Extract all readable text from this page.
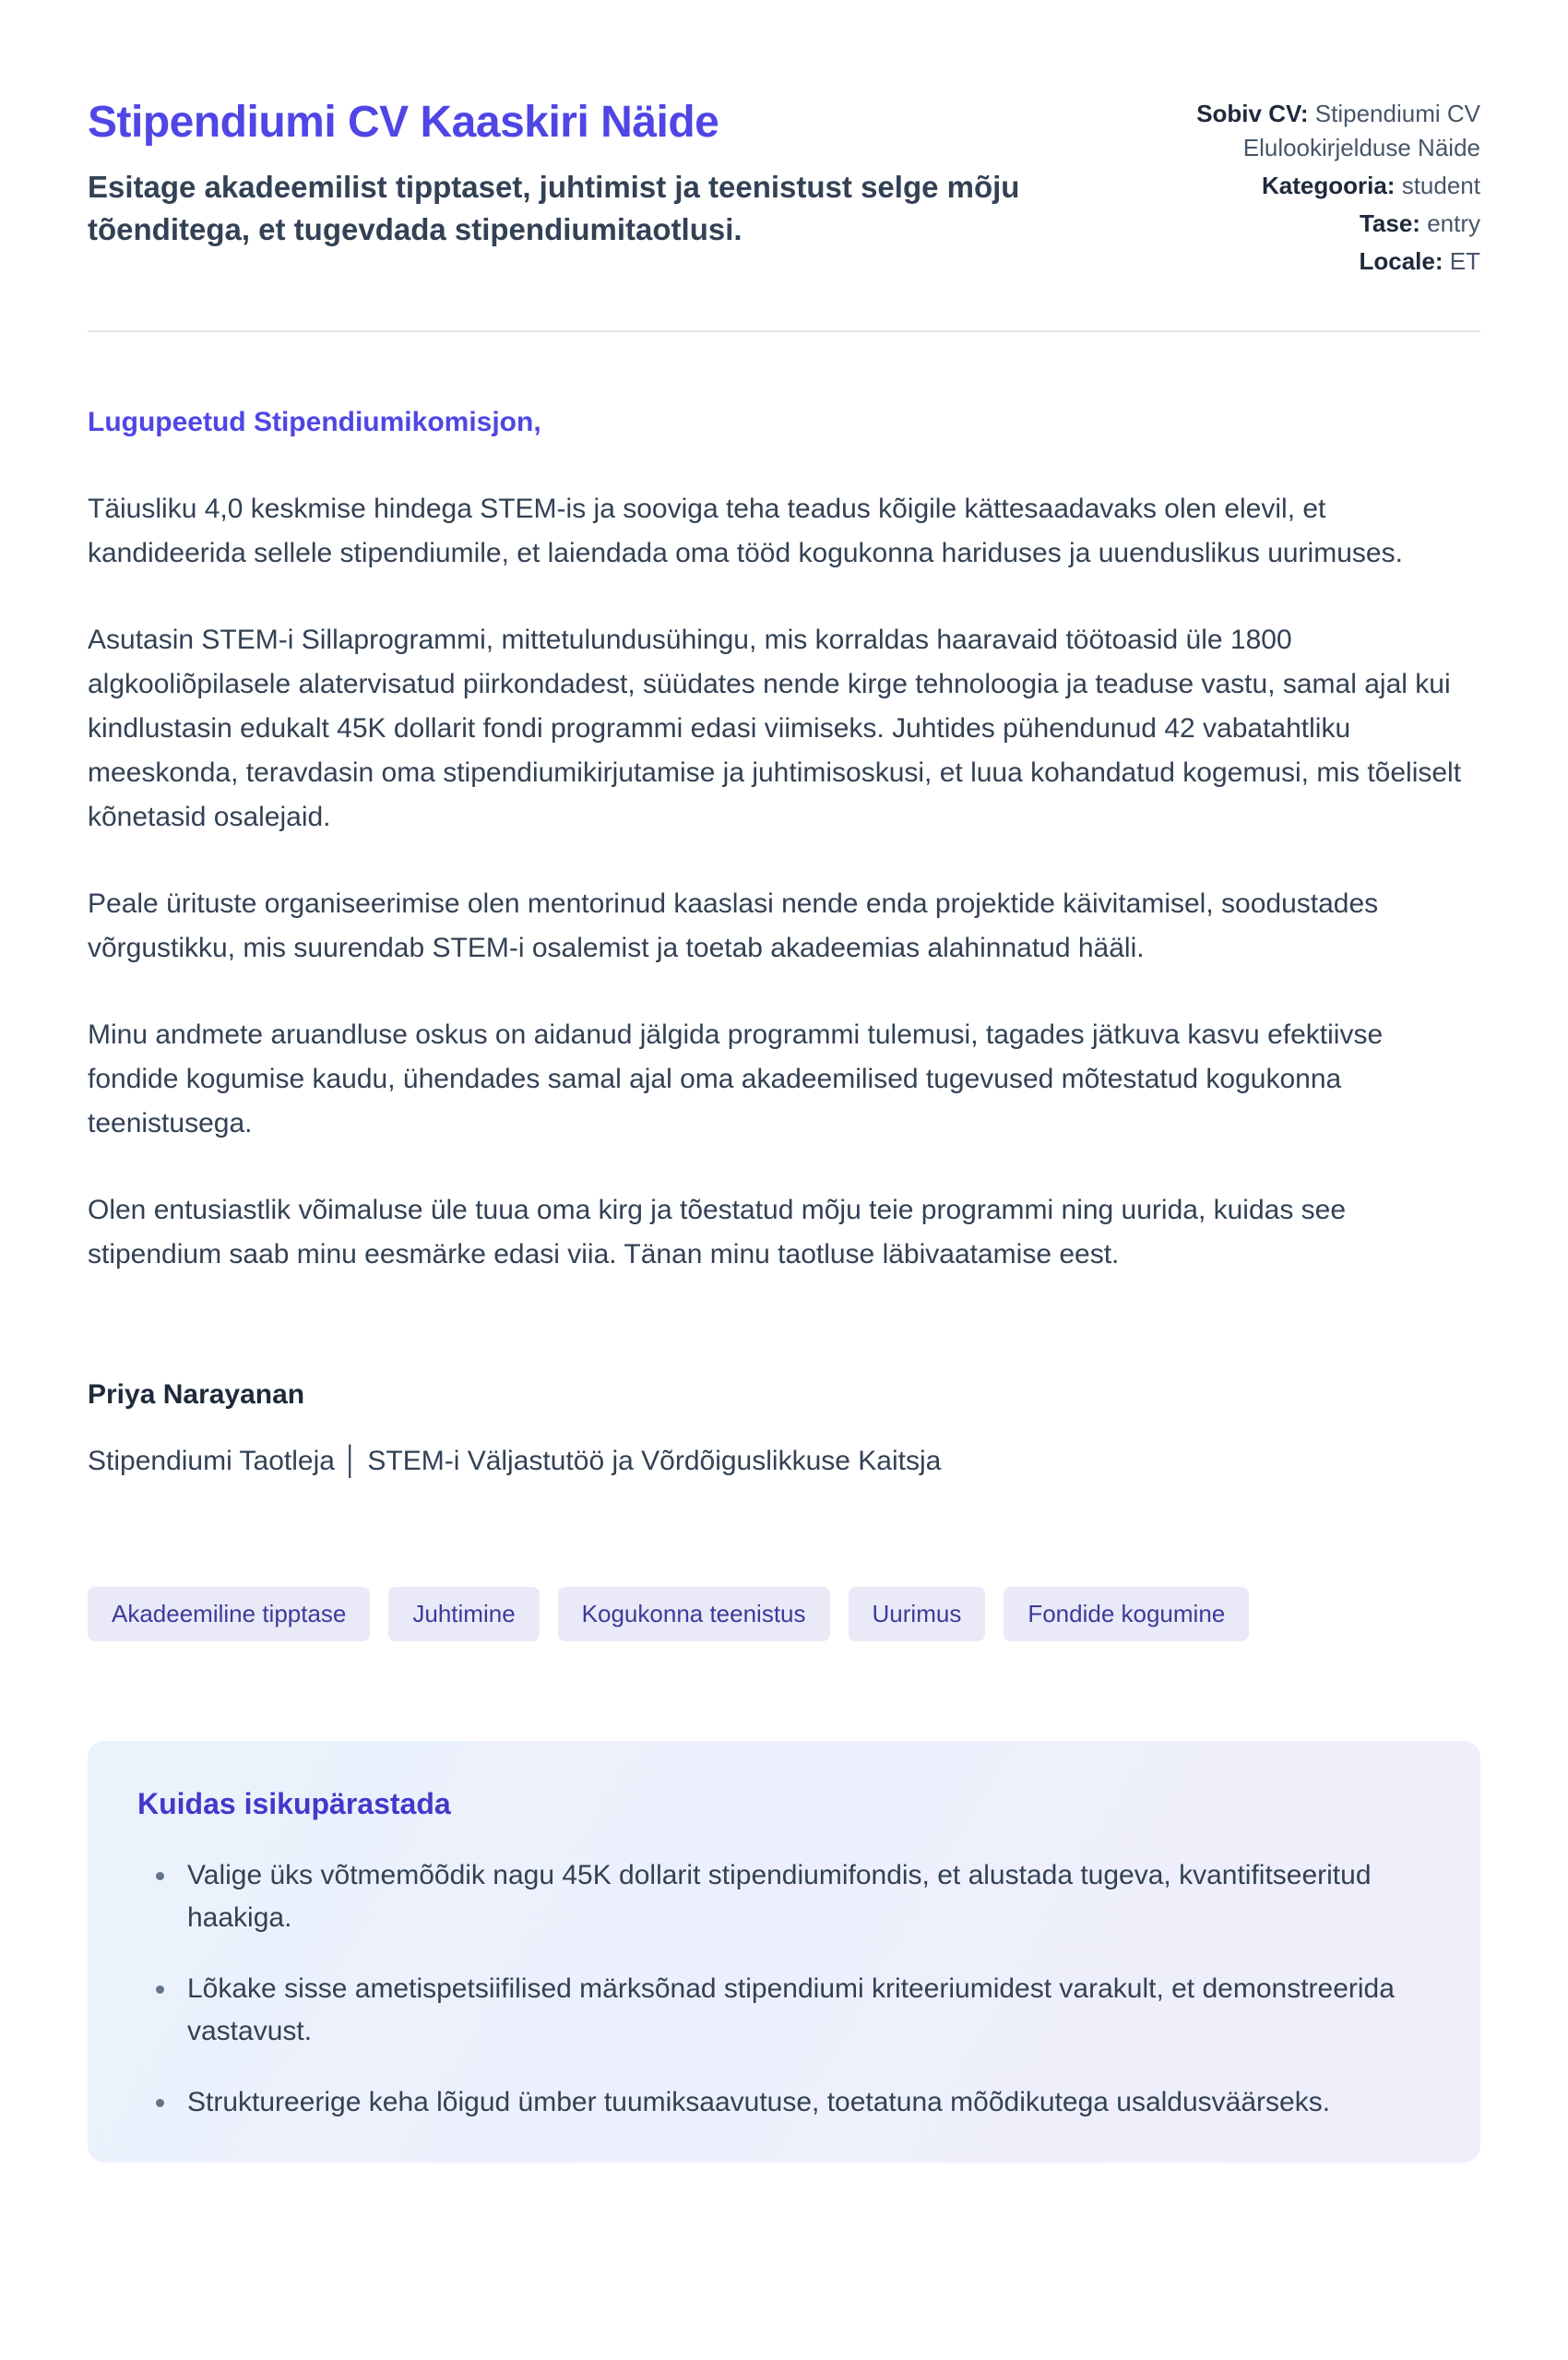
Stipendiumi CV Kaaskiri Näide

Esitage akadeemilist tipptaset, juhtimist ja teenistust selge mõju tõenditega, et tugevdada stipendiumitaotlusi.

Sobiv CV: Stipendiumi CV Elulookirjelduse Näide
Kategooria: student
Tase: entry
Locale: ET

Lugupeetud Stipendiumikomisjon,

Täiusliku 4,0 keskmise hindega STEM-is ja sooviga teha teadus kõigile kättesaadavaks olen elevil, et kandideerida sellele stipendiumile, et laiendada oma tööd kogukonna hariduses ja uuenduslikus uurimuses.

Asutasin STEM-i Sillaprogrammi, mittetulundusühingu, mis korraldas haaravaid töötoasid üle 1800 algkooliõpilasele alatervisatud piirkondadest, süüdates nende kirge tehnoloogia ja teaduse vastu, samal ajal kui kindlustasin edukalt 45K dollarit fondi programmi edasi viimiseks. Juhtides pühendunud 42 vabatahtliku meeskonda, teravdasin oma stipendiumikirjutamise ja juhtimisoskusi, et luua kohandatud kogemusi, mis tõeliselt kõnetasid osalejaid.

Peale ürituste organiseerimise olen mentorinud kaaslasi nende enda projektide käivitamisel, soodustades võrgustikku, mis suurendab STEM-i osalemist ja toetab akadeemias alahinnatud hääli.

Minu andmete aruandluse oskus on aidanud jälgida programmi tulemusi, tagades jätkuva kasvu efektiivse fondide kogumise kaudu, ühendades samal ajal oma akadeemilised tugevused mõtestatud kogukonna teenistusega.

Olen entusiastlik võimaluse üle tuua oma kirg ja tõestatud mõju teie programmi ning uurida, kuidas see stipendium saab minu eesmärke edasi viia. Tänan minu taotluse läbivaatamise eest.

Priya Narayanan

Stipendiumi Taotleja │ STEM-i Väljastutöö ja Võrdõiguslikkuse Kaitsja

Akadeemiline tipptase	Juhtimine	Kogukonna teenistus	Uurimus	Fondide kogumine
Kuidas isikupärastada
• Valige üks võtmemõõdik nagu 45K dollarit stipendiumifondis, et alustada tugeva, kvantifitseeritud haakiga.
• Lõkake sisse ametispetsiifilised märksõnad stipendiumi kriteeriumidest varakult, et demonstreerida vastavust.
• Struktureerige keha lõigud ümber tuumiksaavutuse, toetatuna mõõdikutega usaldusväärseks.
